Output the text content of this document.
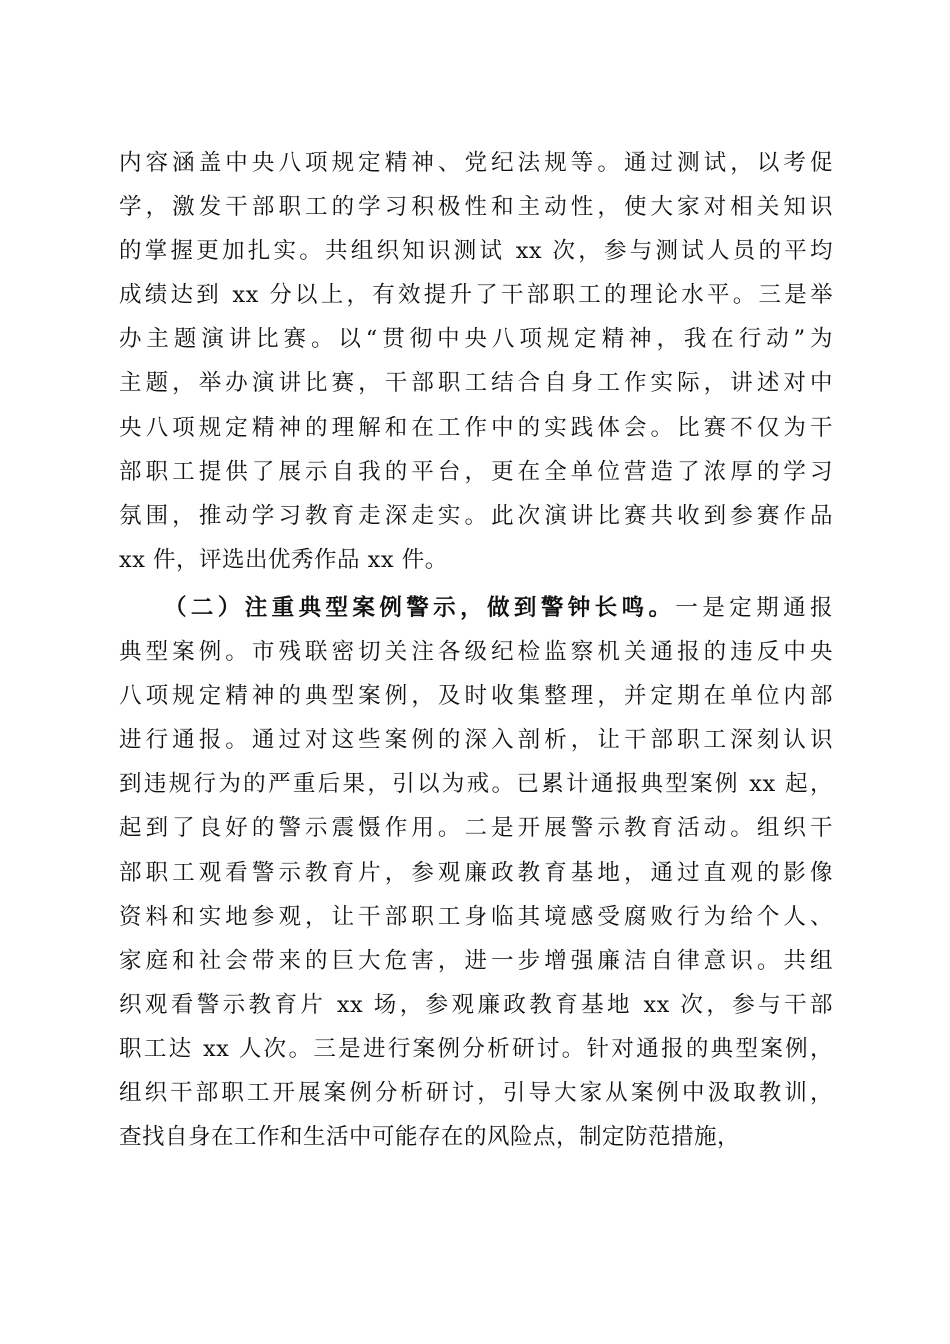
内容涵盖中央八项规定精神、党纪法规等。通过测试，以考促
学，激发干部职工的学习积极性和主动性，使大家对相关知识
的掌握更加扎实。共组织知识测试 xx 次，参与测试人员的平均
成绩达到 xx 分以上，有效提升了干部职工的理论水平。三是举
办主题演讲比赛。以“贯彻中央八项规定精神，我在行动”为
主题，举办演讲比赛，干部职工结合自身工作实际，讲述对中
央八项规定精神的理解和在工作中的实践体会。比赛不仅为干
部职工提供了展示自我的平台，更在全单位营造了浓厚的学习
氛围，推动学习教育走深走实。此次演讲比赛共收到参赛作品
xx 件，评选出优秀作品 xx 件。
（二）注重典型案例警示，做到警钟长鸣。一是定期通报
典型案例。市残联密切关注各级纪检监察机关通报的违反中央
八项规定精神的典型案例，及时收集整理，并定期在单位内部
进行通报。通过对这些案例的深入剖析，让干部职工深刻认识
到违规行为的严重后果，引以为戒。已累计通报典型案例 xx 起，
起到了良好的警示震慑作用。二是开展警示教育活动。组织干
部职工观看警示教育片，参观廉政教育基地，通过直观的影像
资料和实地参观，让干部职工身临其境感受腐败行为给个人、
家庭和社会带来的巨大危害，进一步增强廉洁自律意识。共组
织观看警示教育片 xx 场，参观廉政教育基地 xx 次，参与干部
职工达 xx 人次。三是进行案例分析研讨。针对通报的典型案例，
组织干部职工开展案例分析研讨，引导大家从案例中汲取教训，
查找自身在工作和生活中可能存在的风险点，制定防范措施，
